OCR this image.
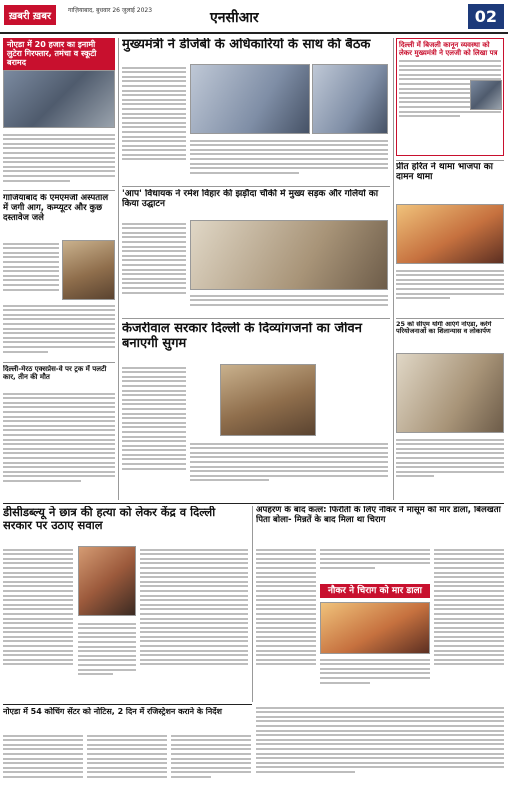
ख़बरी ख़बर
गाज़ियाबाद, बुधवार 26 जुलाई 2023	एनसीआर	02
नोएडा में 20 हजार का इनामी लुटेरा गिरफ्तार, तमंचा व स्कूटी बरामद
गाजियाबाद के एमएमजी अस्पताल में जगी आग, कम्प्यूटर और कुछ दस्तावेज जले
दिल्ली-मेरठ एक्सप्रेस-वे पर ट्रक में पलटी कार, तीन की मौत
मुख्यमंत्री ने डीजेबी के अधिकारियों के साथ की बैठक
'आप' विधायक ने रमेश विहार की झड़ौदा चौकी में मुख्य सड़क और गलियों का किया उद्घाटन
केजरीवाल सरकार दिल्ली के दिव्यांगजनों का जीवन बनाएगी सुगम
दिल्ली में बिजली कानून व्यवस्था को लेकर मुख्यमंत्री ने एलजी को लिखा पत्र
प्रीत हरित ने थामा भाजपा का दामन थामा
25 को सीएम योगी आएंगे नोएडा, करेंगे परियोजनाओं का शिलान्यास व लोकार्पण
डीसीडब्ल्यू ने छात्र की हत्या को लेकर केंद्र व दिल्ली सरकार पर उठाए सवाल
अपहरण के बाद कत्ल: फिरौती के लिए नौकर ने मासूम को मार डाला, बिलखता पिता बोला- मिन्नतें के बाद मिला था चिराग
नौकर ने चिराग को मार डाला
नोएडा में 54 कोचिंग सेंटर को नोटिस, 2 दिन में रजिस्ट्रेशन कराने के निर्देश
